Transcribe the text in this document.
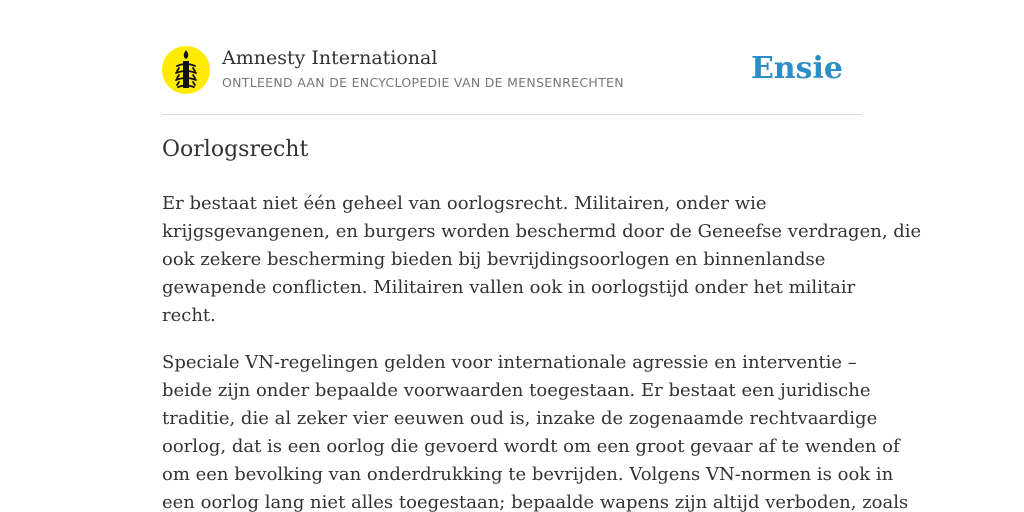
Amnesty International
ONTLEEND AAN DE ENCYCLOPEDIE VAN DE MENSENRECHTEN	Ensie
Oorlogsrecht

Er bestaat niet één geheel van oorlogsrecht. Militairen, onder wie
krijgsgevangenen, en burgers worden beschermd door de Geneefse verdragen, die
ook zekere bescherming bieden bij bevrijdingsoorlogen en binnenlandse
gewapende conflicten. Militairen vallen ook in oorlogstijd onder het militair
recht.

Speciale VN-regelingen gelden voor internationale agressie en interventie –
beide zijn onder bepaalde voorwaarden toegestaan. Er bestaat een juridische
traditie, die al zeker vier eeuwen oud is, inzake de zogenaamde rechtvaardige
oorlog, dat is een oorlog die gevoerd wordt om een groot gevaar af te wenden of
om een bevolking van onderdrukking te bevrijden. Volgens VN-normen is ook in
een oorlog lang niet alles toegestaan; bepaalde wapens zijn altijd verboden, zoals
